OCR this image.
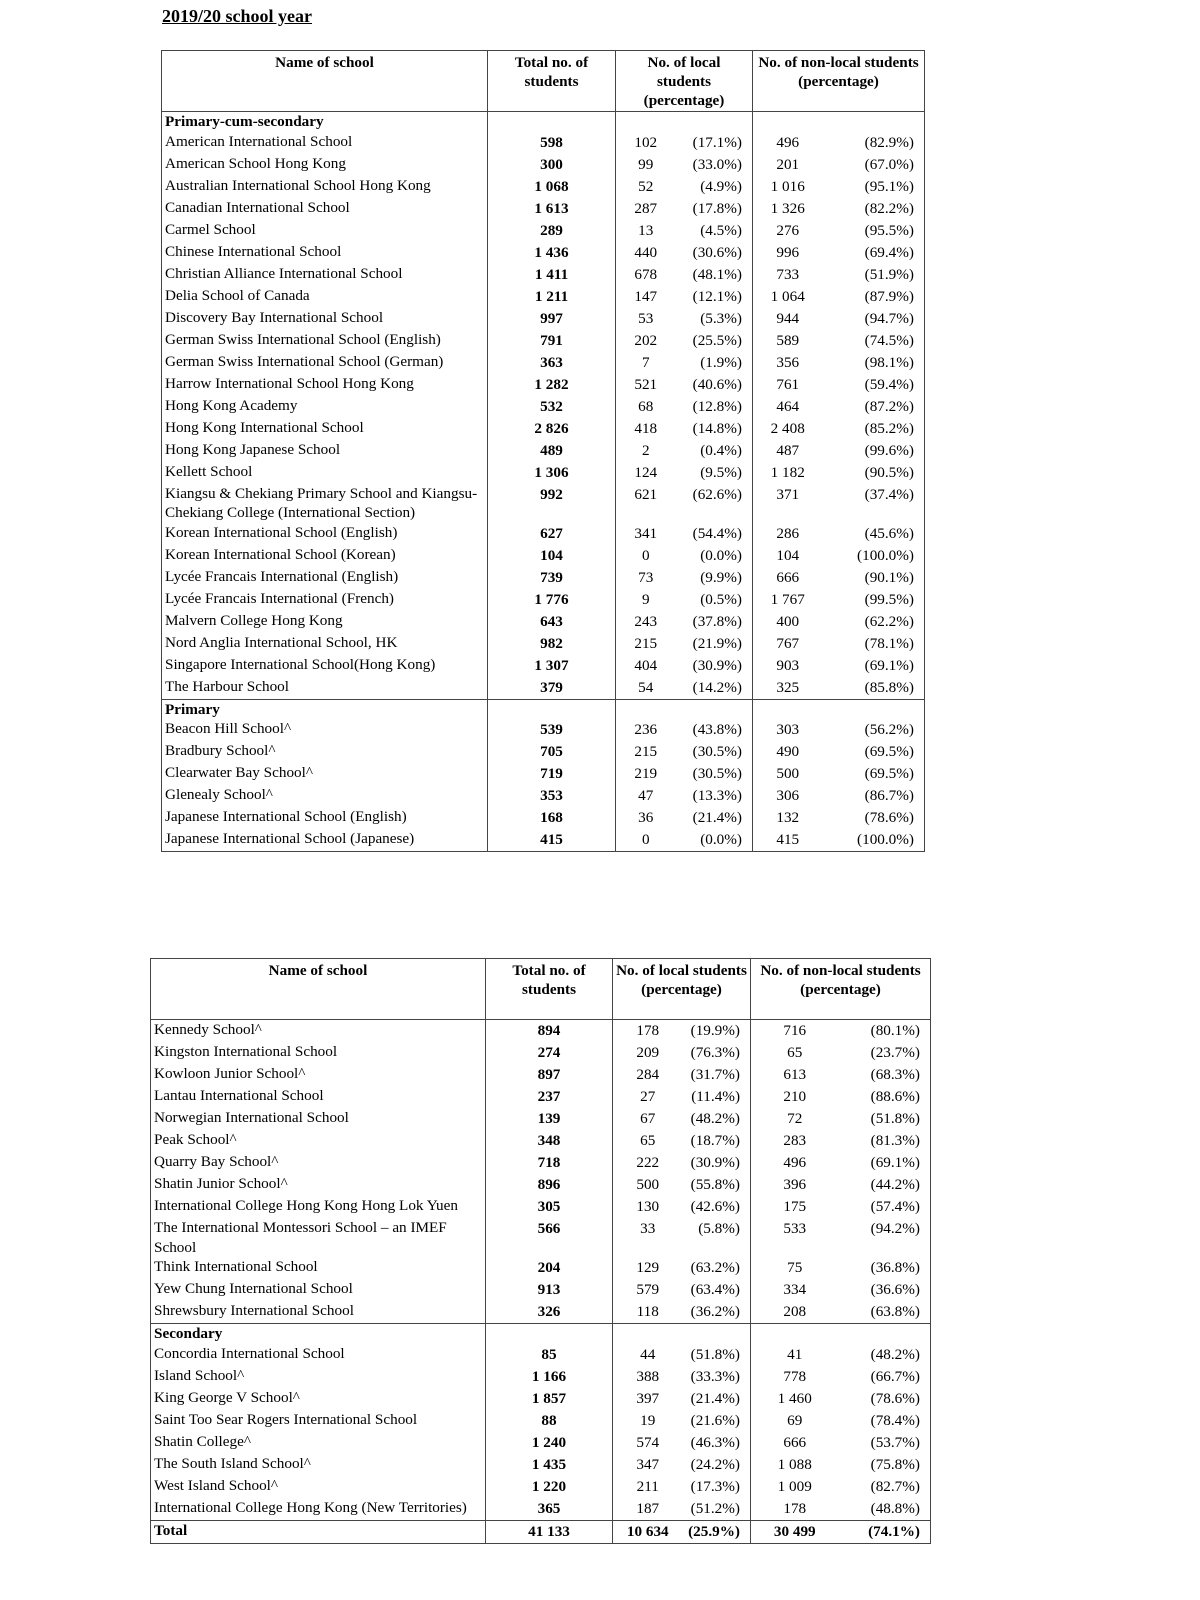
2019/20 school year
Name of school	Total no. of students	No. of local students (percentage)		No. of non-local students (percentage)	
Primary-cum-secondary					
American International School	598	102	(17.1%)	496	(82.9%)
American School Hong Kong	300	99	(33.0%)	201	(67.0%)
Australian International School Hong Kong	1 068	52	(4.9%)	1 016	(95.1%)
Canadian International School	1 613	287	(17.8%)	1 326	(82.2%)
Carmel School	289	13	(4.5%)	276	(95.5%)
Chinese International School	1 436	440	(30.6%)	996	(69.4%)
Christian Alliance International School	1 411	678	(48.1%)	733	(51.9%)
Delia School of Canada	1 211	147	(12.1%)	1 064	(87.9%)
Discovery Bay International School	997	53	(5.3%)	944	(94.7%)
German Swiss International School (English)	791	202	(25.5%)	589	(74.5%)
German Swiss International School (German)	363	7	(1.9%)	356	(98.1%)
Harrow International School Hong Kong	1 282	521	(40.6%)	761	(59.4%)
Hong Kong Academy	532	68	(12.8%)	464	(87.2%)
Hong Kong International School	2 826	418	(14.8%)	2 408	(85.2%)
Hong Kong Japanese School	489	2	(0.4%)	487	(99.6%)
Kellett School	1 306	124	(9.5%)	1 182	(90.5%)
Kiangsu & Chekiang Primary School and Kiangsu-Chekiang College (International Section)	992	621	(62.6%)	371	(37.4%)
Korean International School (English)	627	341	(54.4%)	286	(45.6%)
Korean International School (Korean)	104	0	(0.0%)	104	(100.0%)
Lycée Francais International (English)	739	73	(9.9%)	666	(90.1%)
Lycée Francais International (French)	1 776	9	(0.5%)	1 767	(99.5%)
Malvern College Hong Kong	643	243	(37.8%)	400	(62.2%)
Nord Anglia International School, HK	982	215	(21.9%)	767	(78.1%)
Singapore International School(Hong Kong)	1 307	404	(30.9%)	903	(69.1%)
The Harbour School	379	54	(14.2%)	325	(85.8%)
Primary					
Beacon Hill School^	539	236	(43.8%)	303	(56.2%)
Bradbury School^	705	215	(30.5%)	490	(69.5%)
Clearwater Bay School^	719	219	(30.5%)	500	(69.5%)
Glenealy School^	353	47	(13.3%)	306	(86.7%)
Japanese International School (English)	168	36	(21.4%)	132	(78.6%)
Japanese International School (Japanese)	415	0	(0.0%)	415	(100.0%)
Name of school	Total no. of students	No. of local students (percentage)		No. of non-local students (percentage)	
Kennedy School^	894	178	(19.9%)	716	(80.1%)
Kingston International School	274	209	(76.3%)	65	(23.7%)
Kowloon Junior School^	897	284	(31.7%)	613	(68.3%)
Lantau International School	237	27	(11.4%)	210	(88.6%)
Norwegian International School	139	67	(48.2%)	72	(51.8%)
Peak School^	348	65	(18.7%)	283	(81.3%)
Quarry Bay School^	718	222	(30.9%)	496	(69.1%)
Shatin Junior School^	896	500	(55.8%)	396	(44.2%)
International College Hong Kong Hong Lok Yuen	305	130	(42.6%)	175	(57.4%)
The International Montessori School – an IMEF School	566	33	(5.8%)	533	(94.2%)
Think International School	204	129	(63.2%)	75	(36.8%)
Yew Chung International School	913	579	(63.4%)	334	(36.6%)
Shrewsbury International School	326	118	(36.2%)	208	(63.8%)
Secondary					
Concordia International School	85	44	(51.8%)	41	(48.2%)
Island School^	1 166	388	(33.3%)	778	(66.7%)
King George V School^	1 857	397	(21.4%)	1 460	(78.6%)
Saint Too Sear Rogers International School	88	19	(21.6%)	69	(78.4%)
Shatin College^	1 240	574	(46.3%)	666	(53.7%)
The South Island School^	1 435	347	(24.2%)	1 088	(75.8%)
West Island School^	1 220	211	(17.3%)	1 009	(82.7%)
International College Hong Kong (New Territories)	365	187	(51.2%)	178	(48.8%)
Total	41 133	10 634	(25.9%)	30 499	(74.1%)
